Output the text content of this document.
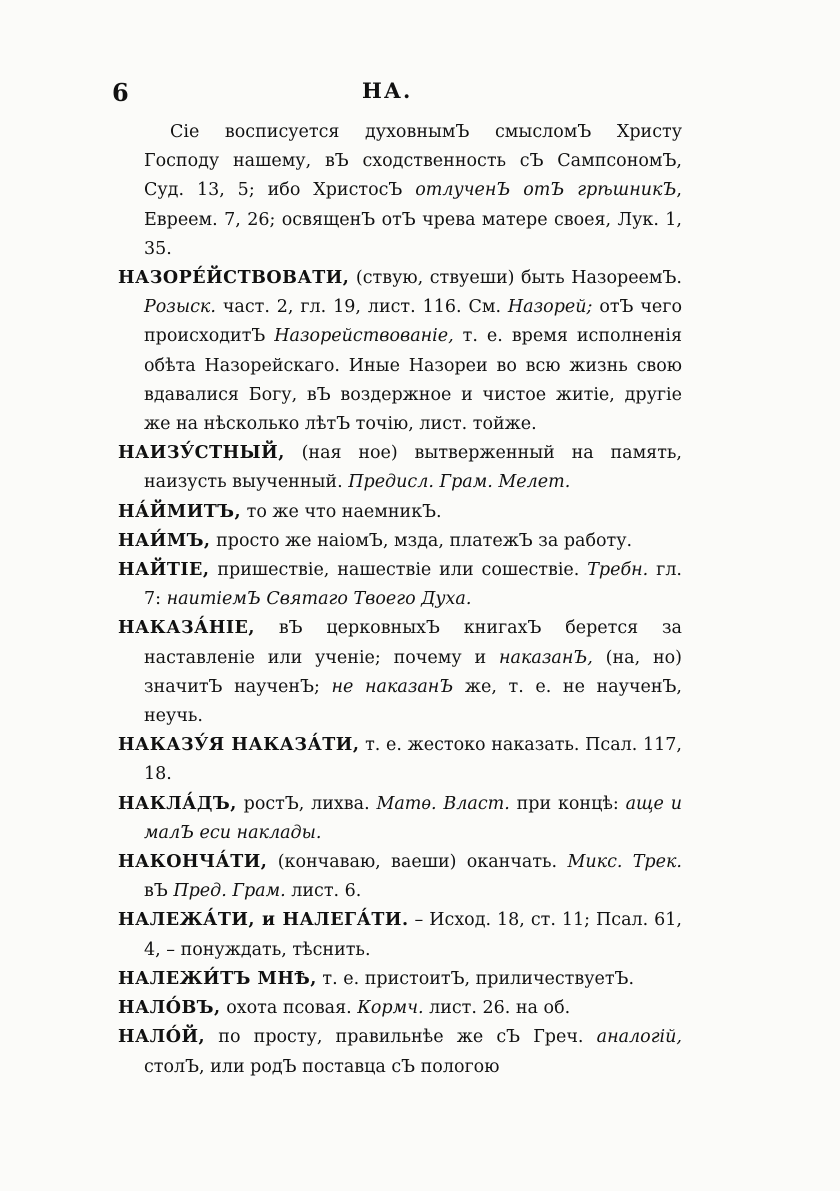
6	НА.

Сіе восписуется духовнымЪ смысломЪ Христу Господу нашему, вЪ сходственность сЪ СампсономЪ, Суд. 13, 5; ибо ХристосЪ отлученЪ отЪ грѣшникЪ, Евреем. 7, 26; освященЪ отЪ чрева матере своея, Лук. 1, 35.

НАЗОРЕ́ЙСТВОВАТИ, (ствую, ствуеши) быть НазореемЪ. Розыск. част. 2, гл. 19, лист. 116. См. Назорей; отЪ чего происходитЪ Назорействованіе, т. е. время исполненія обѣта Назорейскаго. Иные Назореи во всю жизнь свою вдавалися Богу, вЪ воздержное и чистое житіе, другіе же на нѣсколько лѣтЪ точію, лист. тойже.

НАИЗУ́СТНЫЙ, (ная ное) вытверженный на память, наизусть выученный. Предисл. Грам. Мелет.

НА́ЙМИТЪ, то же что наемникЪ.

НАИ́МЪ, просто же наіомЪ, мзда, платежЪ за работу.

НАЙТІЕ, пришествіе, нашествіе или сошествіе. Требн. гл. 7: наитіемЪ Святаго Твоего Духа.

НАКАЗА́НІЕ, вЪ церковныхЪ книгахЪ берется за наставленіе или ученіе; почему и наказанЪ, (на, но) значитЪ наученЪ; не наказанЪ же, т. е. не наученЪ, неучь.

НАКАЗУ́Я НАКАЗА́ТИ, т. е. жестоко наказать. Псал. 117, 18.

НАКЛА́ДЪ, ростЪ, лихва. Матѳ. Власт. при концѣ: аще и малЪ еси наклады.

НАКОНЧА́ТИ, (кончаваю, ваеши) оканчать. Микс. Трек. вЪ Пред. Грам. лист. 6.

НАЛЕЖА́ТИ, и НАЛЕГА́ТИ. – Исход. 18, ст. 11; Псал. 61, 4, – понуждать, тѣснить.

НАЛЕЖИ́ТЪ МНѢ, т. е. пристоитЪ, приличествуетЪ.

НАЛО́ВЪ, охота псовая. Кормч. лист. 26. на об.

НАЛО́Й, по просту, правильнѣе же сЪ Греч. аналогій, столЪ, или родЪ поставца сЪ пологою
